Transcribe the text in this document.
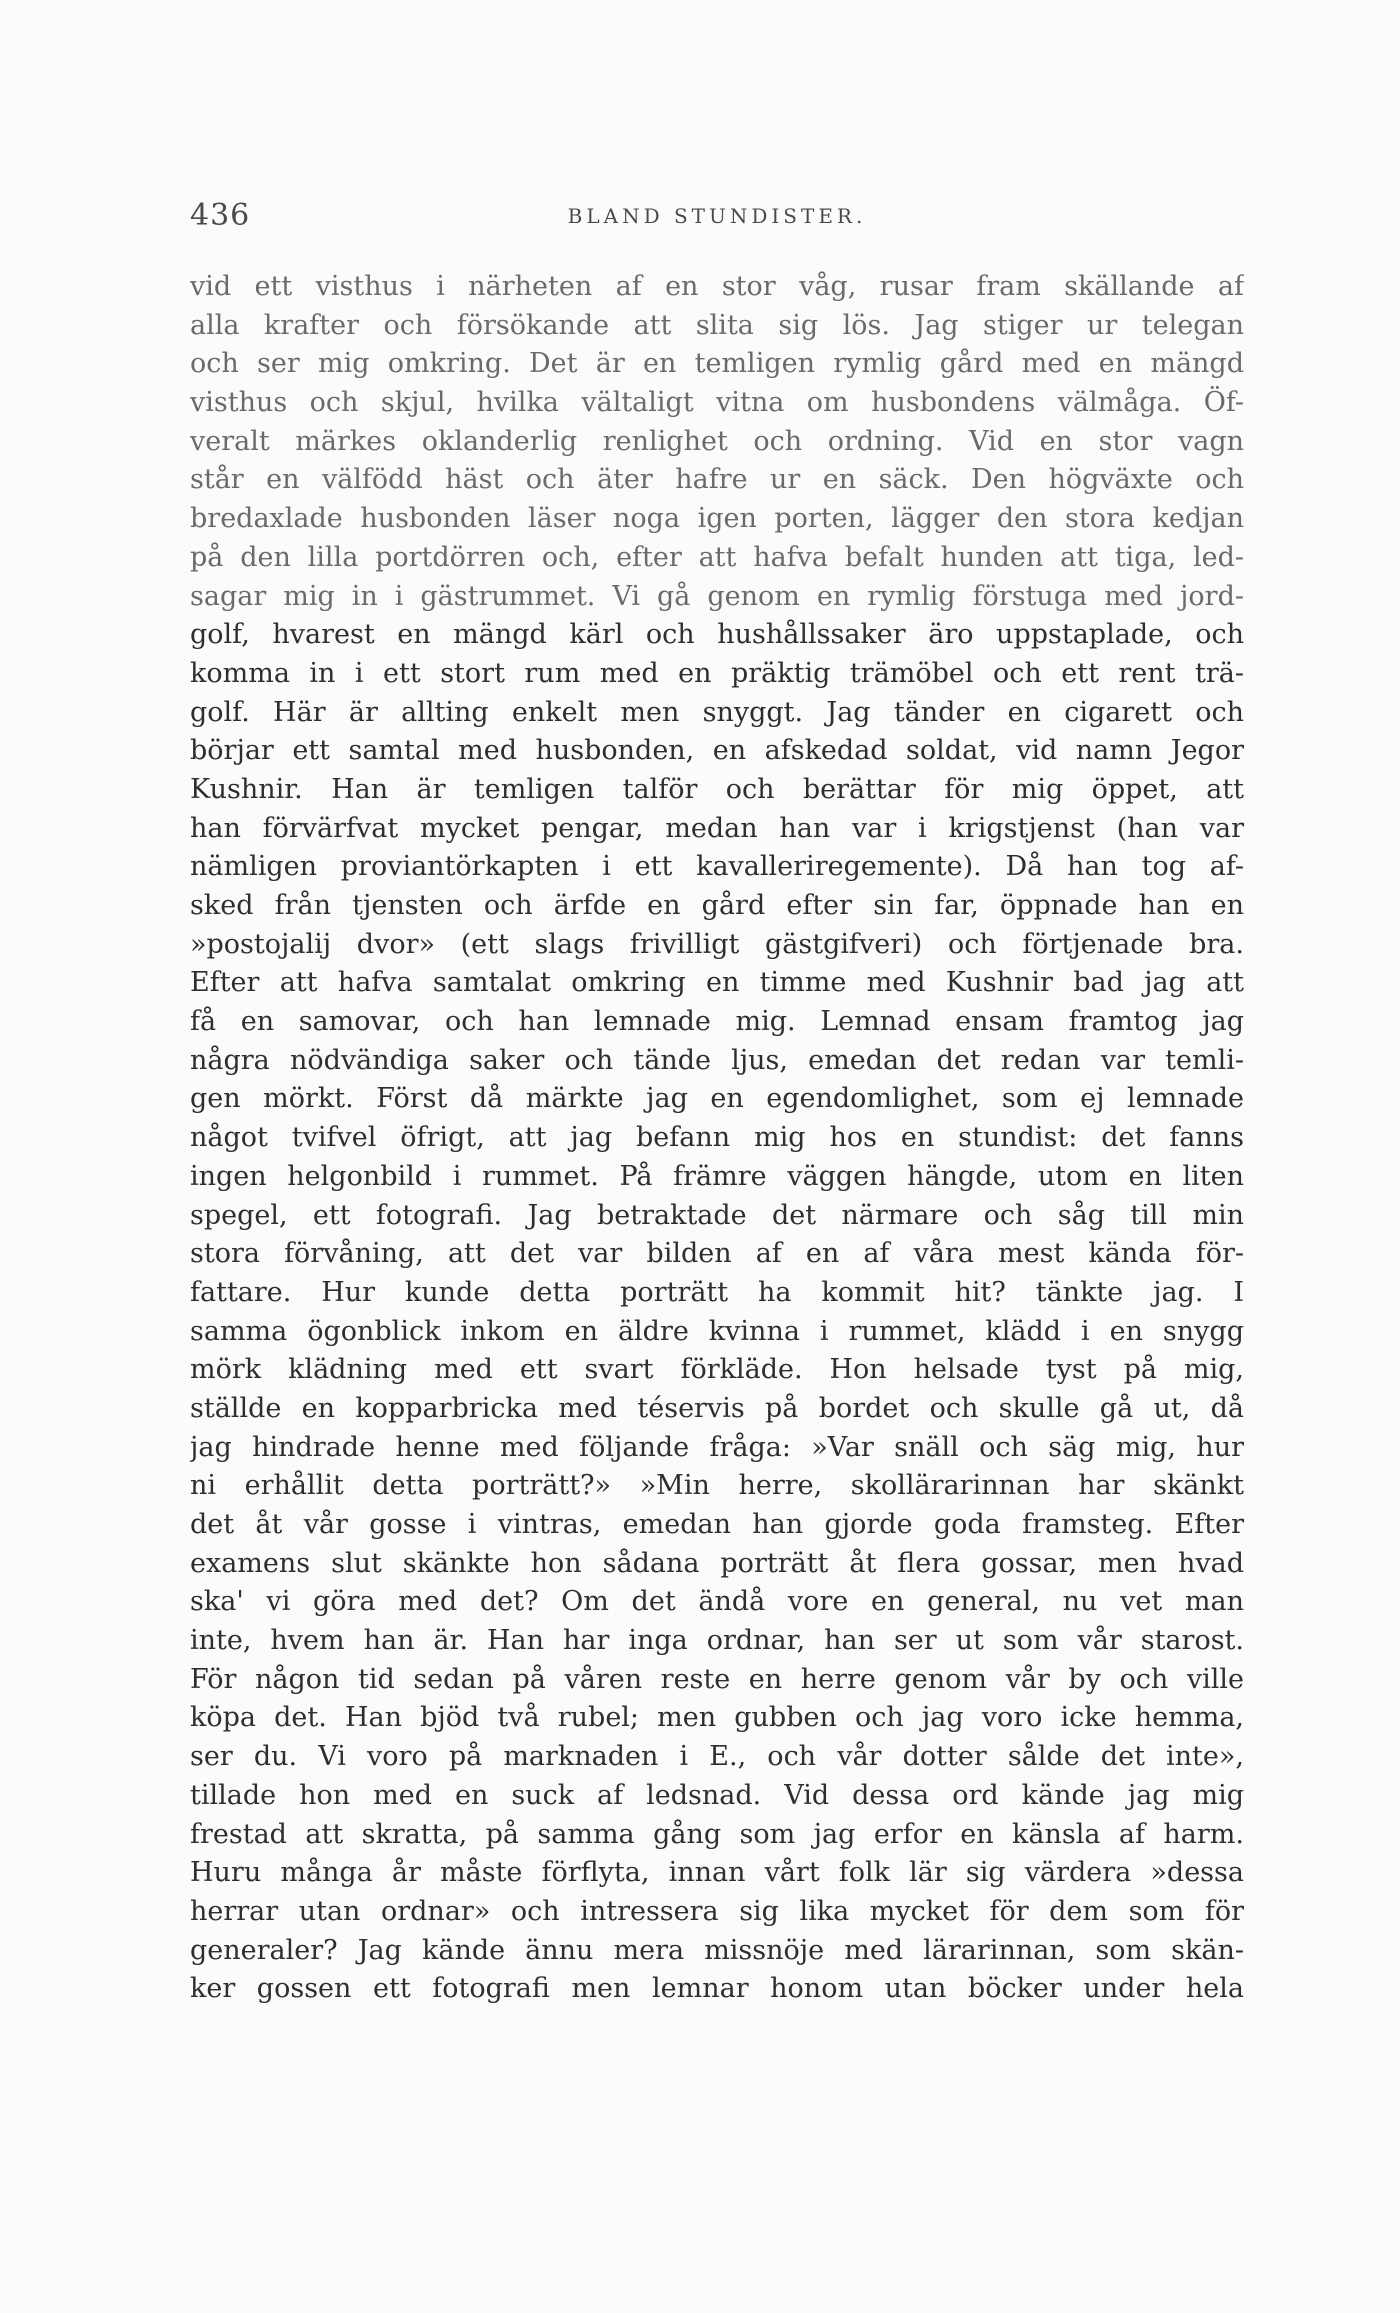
436	BLAND STUNDISTER.
vid ett visthus i närheten af en stor våg, rusar fram skällande af
alla krafter och försökande att slita sig lös. Jag stiger ur telegan
och ser mig omkring. Det är en temligen rymlig gård med en mängd
visthus och skjul, hvilka vältaligt vitna om husbondens välmåga. Öf-
veralt märkes oklanderlig renlighet och ordning. Vid en stor vagn
står en välfödd häst och äter hafre ur en säck. Den högväxte och
bredaxlade husbonden läser noga igen porten, lägger den stora kedjan
på den lilla portdörren och, efter att hafva befalt hunden att tiga, led-
sagar mig in i gästrummet. Vi gå genom en rymlig förstuga med jord-
golf, hvarest en mängd kärl och hushållssaker äro uppstaplade, och
komma in i ett stort rum med en präktig trämöbel och ett rent trä-
golf. Här är allting enkelt men snyggt. Jag tänder en cigarett och
börjar ett samtal med husbonden, en afskedad soldat, vid namn Jegor
Kushnir. Han är temligen talför och berättar för mig öppet, att
han förvärfvat mycket pengar, medan han var i krigstjenst (han var
nämligen proviantörkapten i ett kavalleriregemente). Då han tog af-
sked från tjensten och ärfde en gård efter sin far, öppnade han en
»postojalij dvor» (ett slags frivilligt gästgifveri) och förtjenade bra.
Efter att hafva samtalat omkring en timme med Kushnir bad jag att
få en samovar, och han lemnade mig. Lemnad ensam framtog jag
några nödvändiga saker och tände ljus, emedan det redan var temli-
gen mörkt. Först då märkte jag en egendomlighet, som ej lemnade
något tvifvel öfrigt, att jag befann mig hos en stundist: det fanns
ingen helgonbild i rummet. På främre väggen hängde, utom en liten
spegel, ett fotografi. Jag betraktade det närmare och såg till min
stora förvåning, att det var bilden af en af våra mest kända för-
fattare. Hur kunde detta porträtt ha kommit hit? tänkte jag. I
samma ögonblick inkom en äldre kvinna i rummet, klädd i en snygg
mörk klädning med ett svart förkläde. Hon helsade tyst på mig,
ställde en kopparbricka med téservis på bordet och skulle gå ut, då
jag hindrade henne med följande fråga: »Var snäll och säg mig, hur
ni erhållit detta porträtt?» »Min herre, skollärarinnan har skänkt
det åt vår gosse i vintras, emedan han gjorde goda framsteg. Efter
examens slut skänkte hon sådana porträtt åt flera gossar, men hvad
ska' vi göra med det? Om det ändå vore en general, nu vet man
inte, hvem han är. Han har inga ordnar, han ser ut som vår starost.
För någon tid sedan på våren reste en herre genom vår by och ville
köpa det. Han bjöd två rubel; men gubben och jag voro icke hemma,
ser du. Vi voro på marknaden i E., och vår dotter sålde det inte»,
tillade hon med en suck af ledsnad. Vid dessa ord kände jag mig
frestad att skratta, på samma gång som jag erfor en känsla af harm.
Huru många år måste förflyta, innan vårt folk lär sig värdera »dessa
herrar utan ordnar» och intressera sig lika mycket för dem som för
generaler? Jag kände ännu mera missnöje med lärarinnan, som skän-
ker gossen ett fotografi men lemnar honom utan böcker under hela
